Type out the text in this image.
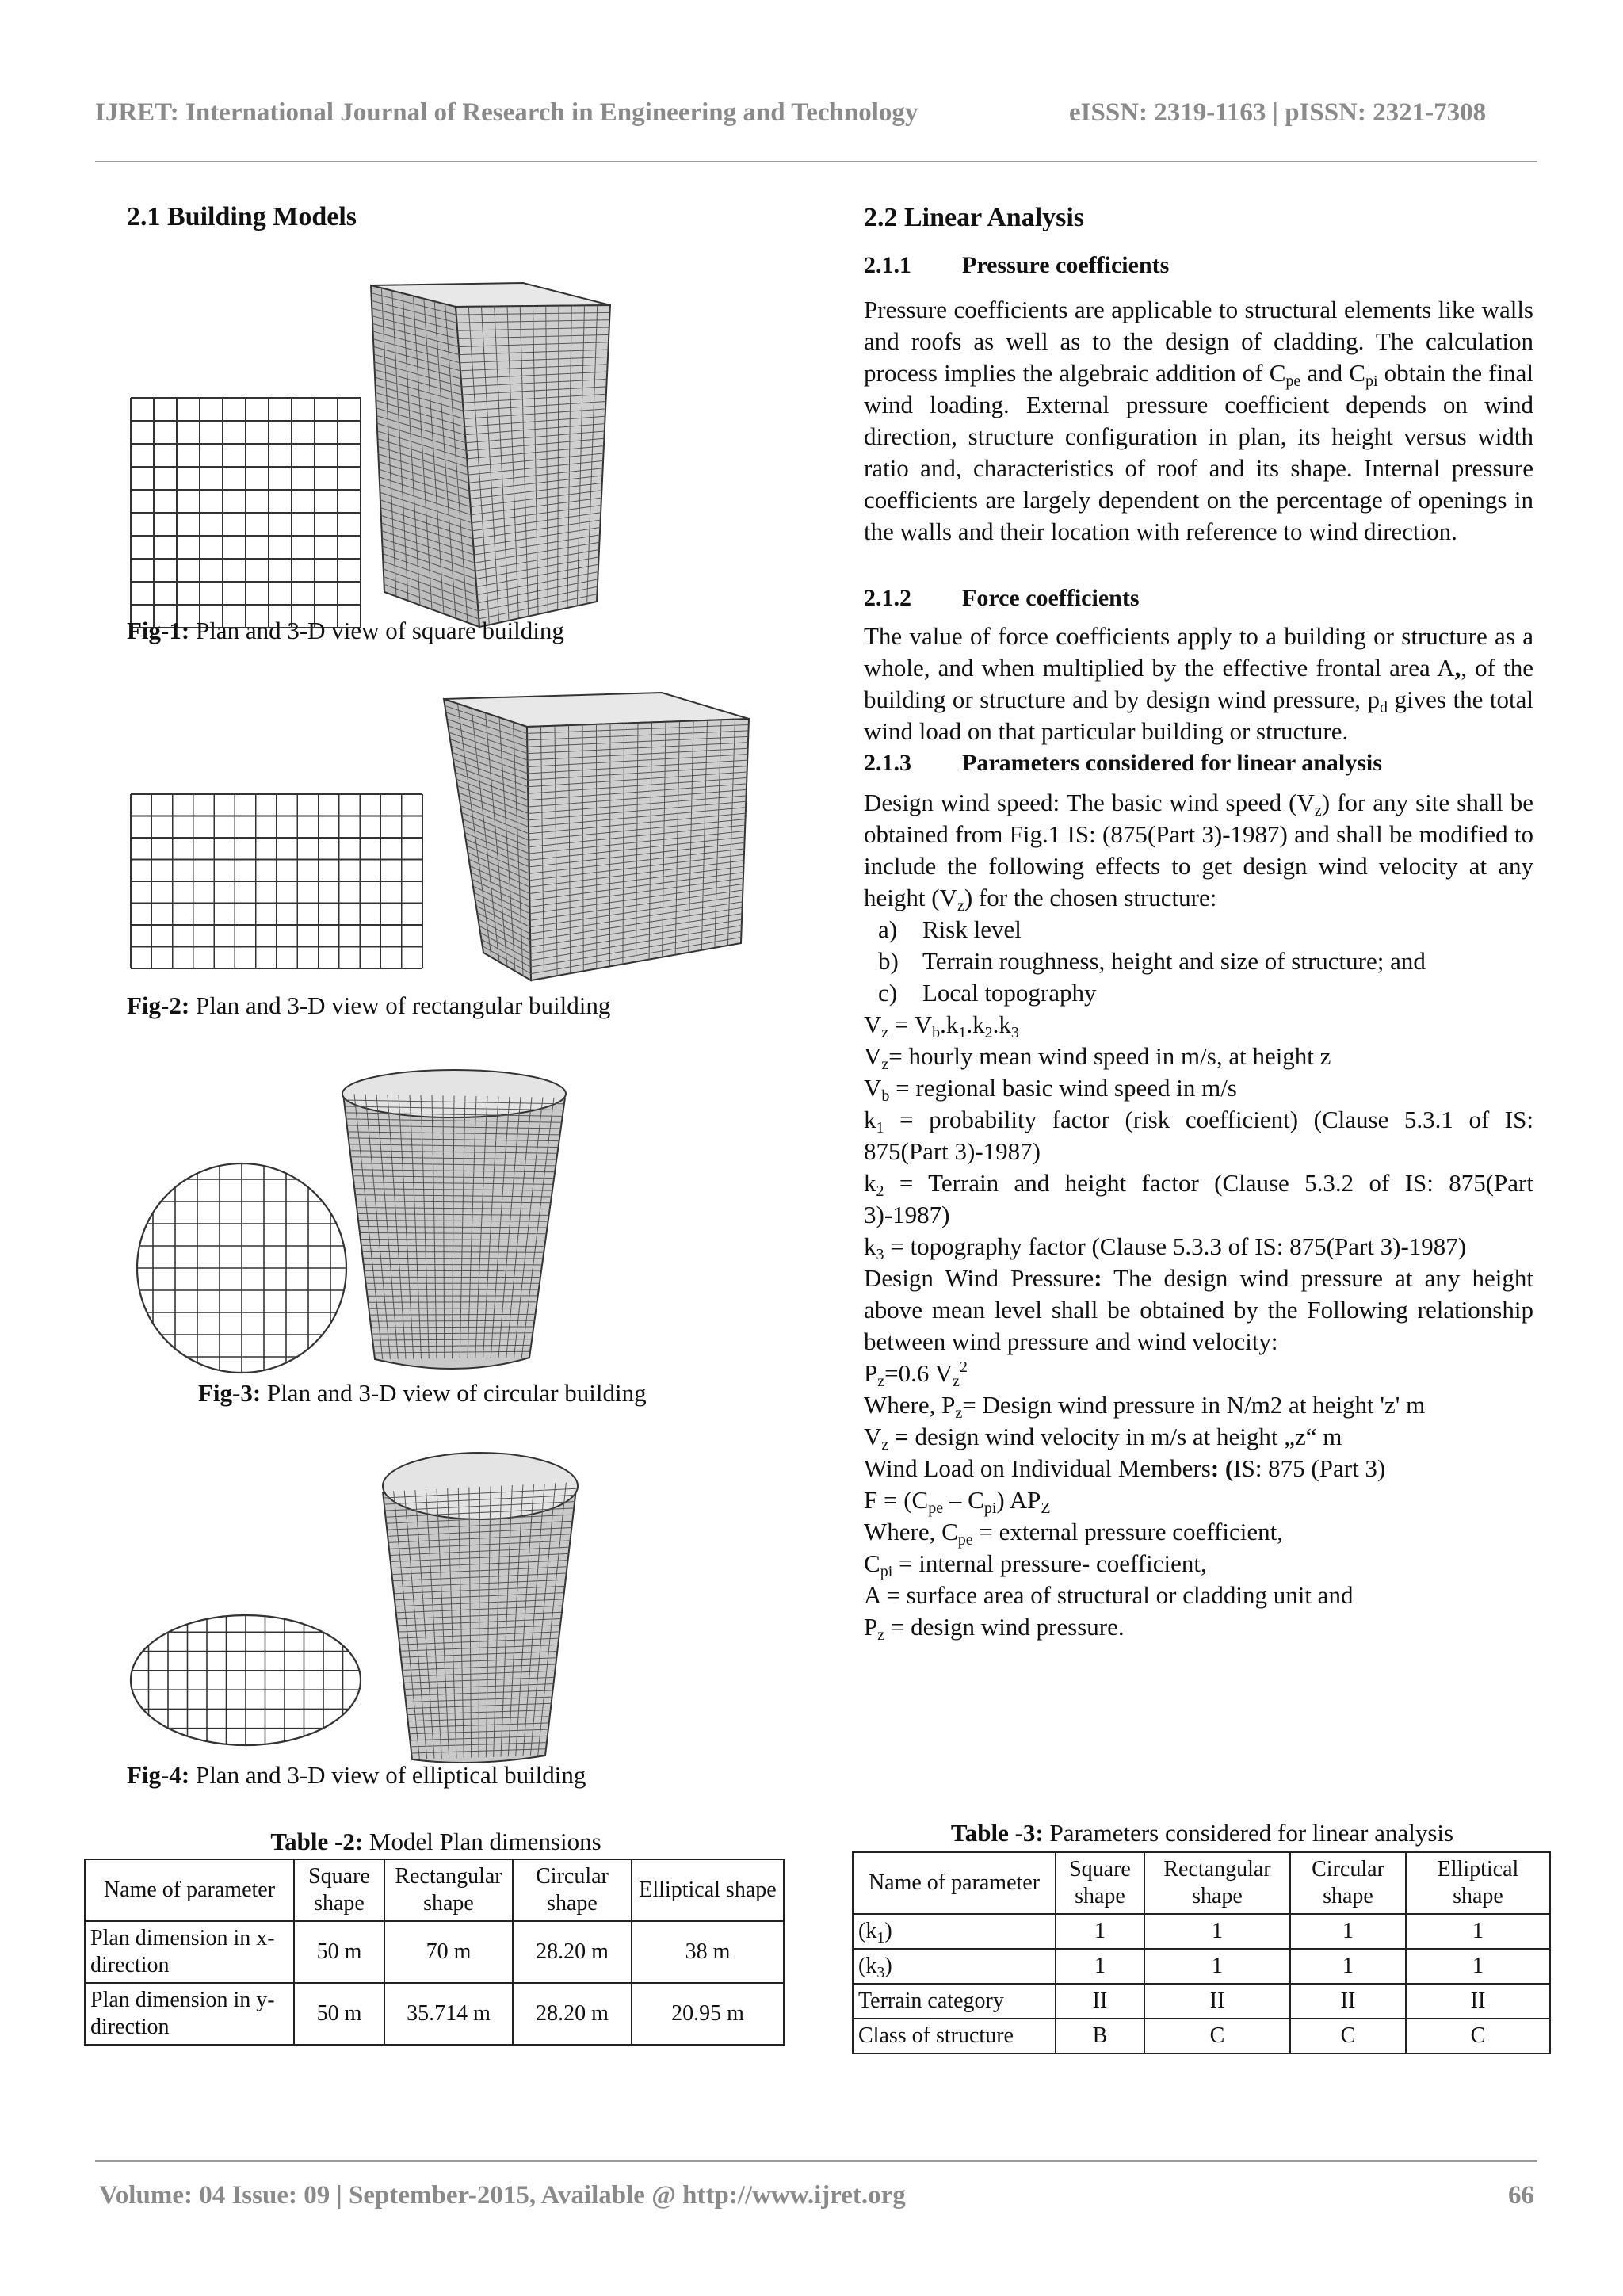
IJRET: International Journal of Research in Engineering and Technology	eISSN: 2319-1163 | pISSN: 2321-7308
2.1 Building Models
Fig-1: Plan and 3-D view of square building
Fig-2: Plan and 3-D view of rectangular building
Fig-3: Plan and 3-D view of circular building
Fig-4: Plan and 3-D view of elliptical building
Table -2: Model Plan dimensions
Name of parameter	Square shape	Rectangular shape	Circular shape	Elliptical shape
Plan dimension in x-direction	50 m	70 m	28.20 m	38 m
Plan dimension in y-direction	50 m	35.714 m	28.20 m	20.95 m
2.2 Linear Analysis
2.1.1	Pressure coefficients

Pressure coefficients are applicable to structural elements like walls and roofs as well as to the design of cladding. The calculation process implies the algebraic addition of $C_{pe}$ and $C_{pi}$ obtain the final wind loading. External pressure coefficient depends on wind direction, structure configuration in plan, its height versus width ratio and, characteristics of roof and its shape. Internal pressure coefficients are largely dependent on the percentage of openings in the walls and their location with reference to wind direction.

2.1.2	Force coefficients

The value of force coefficients apply to a building or structure as a whole, and when multiplied by the effective frontal area A,, of the building or structure and by design wind pressure, $p_d$ gives the total wind load on that particular building or structure.

2.1.3	Parameters considered for linear analysis

Design wind speed: The basic wind speed $(V_z)$ for any site shall be obtained from Fig.1 IS: (875(Part 3)-1987) and shall be modified to include the following effects to get design wind velocity at any height $(V_z)$ for the chosen structure:

a) Risk level
b) Terrain roughness, height and size of structure; and
c) Local topography
$V_z = V_b.k_1.k_2.k_3$
$V_z=$ hourly mean wind speed in m/s, at height z
$V_b$ = regional basic wind speed in m/s

$k_1$ = probability factor (risk coefficient) (Clause 5.3.1 of IS: 875(Part 3)-1987)

$k_2$ = Terrain and height factor (Clause 5.3.2 of IS: 875(Part 3)-1987)

$k_3$ = topography factor (Clause 5.3.3 of IS: 875(Part 3)-1987)

Design Wind Pressure: The design wind pressure at any height above mean level shall be obtained by the Following relationship between wind pressure and wind velocity:

$P_z=0.6$ $V_z^2$
Where, $P_z=$ Design wind pressure in N/m2 at height 'z' m
$V_z$ = design wind velocity in m/s at height „z“ m
Wind Load on Individual Members: (IS: 875 (Part 3)
$F = (C_{pe} - C_{pi})$ $AP_Z$
Where, $C_{pe}$ = external pressure coefficient,
$C_{pi}$ = internal pressure- coefficient,
A = surface area of structural or cladding unit and
$P_z$ = design wind pressure.
Table -3: Parameters considered for linear analysis
Name of parameter	Square shape	Rectangular shape	Circular shape	Elliptical shape
$(k_1)$	1	1	1	1
$(k_3)$	1	1	1	1
Terrain category	II	II	II	II
Class of structure	B	C	C	C
Volume: 04 Issue: 09 | September-2015, Available @ http://www.ijret.org	66
